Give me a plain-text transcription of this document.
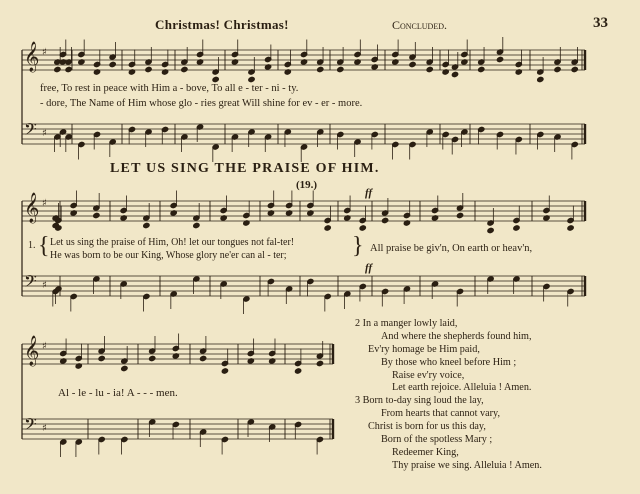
Christmas! Christmas!	Concluded.	33
𝄞
𝄢
♯
♯
𝄞
𝄢
♯
♯
𝄞
𝄢
♯
♯
free, To rest in peace with Him a - bove, To all e - ter - ni - ty.
- dore, The Name of Him whose glo - ries great Will shine for ev - er - more.
LET US SING THE PRAISE OF HIM.
(19.)
ff
ff
1. { Let us sing the praise of Him, Oh! let our tongues not fal-ter!
He was born to be our King, Whose glory ne'er can al - ter;	} All praise be giv'n, On earth or heav'n,
Al - le - lu - ia! A - - - men.
2 In a manger lowly laid,
And where the shepherds found him,
Ev'ry homage be Him paid,
By those who kneel before Him ;
Raise ev'ry voice,
Let earth rejoice. Alleluia ! Amen.
3 Born to-day sing loud the lay,
From hearts that cannot vary,
Christ is born for us this day,
Born of the spotless Mary ;
Redeemer King,
Thy praise we sing. Alleluia ! Amen.
